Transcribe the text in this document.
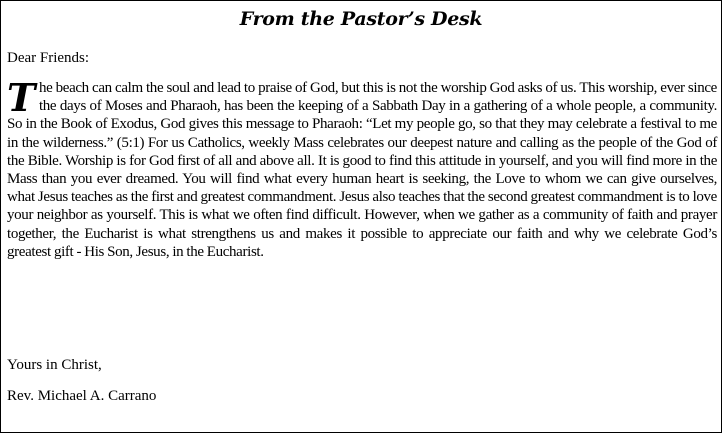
From the Pastor’s Desk
Dear Friends:
The beach can calm the soul and lead to praise of God, but this is not the worship God asks of us. This worship, ever since the days of Moses and Pharaoh, has been the keeping of a Sabbath Day in a gathering of a whole people, a community. So in the Book of Exodus, God gives this message to Pharaoh: “Let my people go, so that they may celebrate a festival to me in the wilderness.” (5:1) For us Catholics, weekly Mass celebrates our deepest nature and calling as the people of the God of the Bible. Worship is for God first of all and above all. It is good to find this attitude in yourself, and you will find more in the Mass than you ever dreamed. You will find what every human heart is seeking, the Love to whom we can give ourselves, what Jesus teaches as the first and greatest commandment. Jesus also teaches that the second greatest commandment is to love your neighbor as yourself. This is what we often find difficult. However, when we gather as a community of faith and prayer together, the Eucharist is what strengthens us and makes it possible to appreciate our faith and why we celebrate God’s greatest gift - His Son, Jesus, in the Eucharist.
Yours in Christ,
Rev. Michael A. Carrano
